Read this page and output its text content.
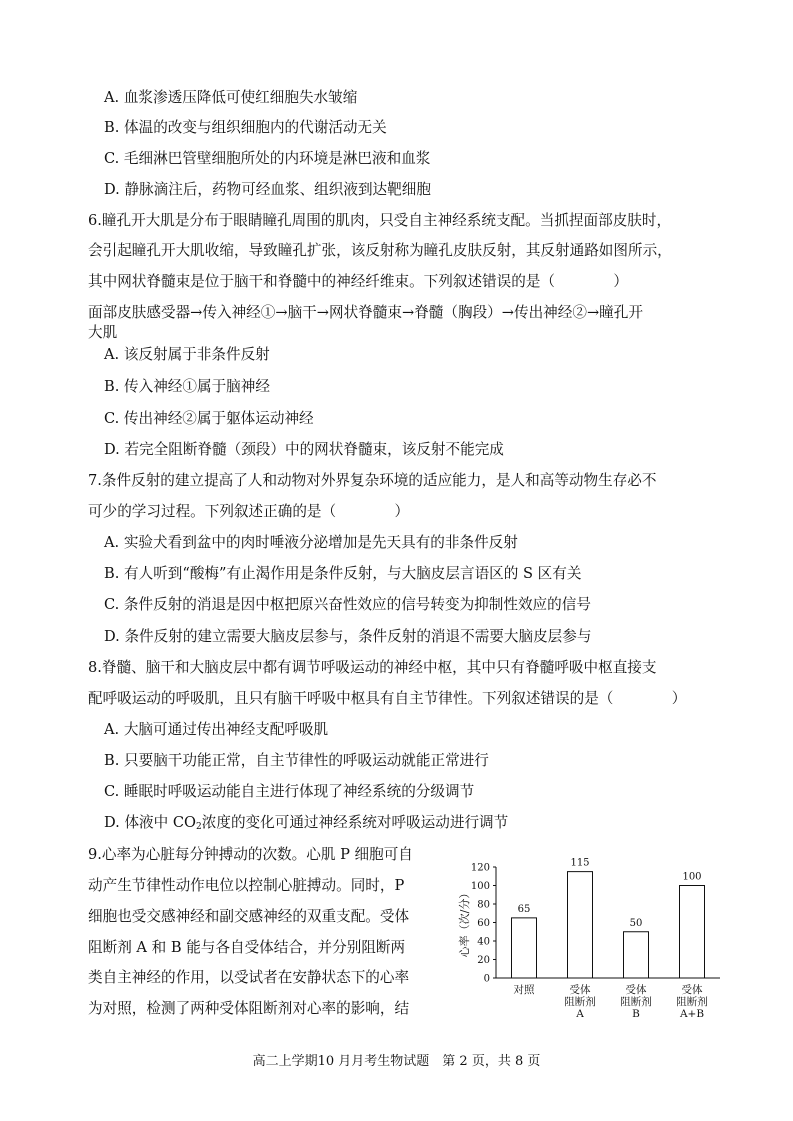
A. 血浆渗透压降低可使红细胞失水皱缩
B. 体温的改变与组织细胞内的代谢活动无关
C. 毛细淋巴管壁细胞所处的内环境是淋巴液和血浆
D. 静脉滴注后，药物可经血浆、组织液到达靶细胞
6.瞳孔开大肌是分布于眼睛瞳孔周围的肌肉，只受自主神经系统支配。当抓捏面部皮肤时，
会引起瞳孔开大肌收缩，导致瞳孔扩张，该反射称为瞳孔皮肤反射，其反射通路如图所示，
其中网状脊髓束是位于脑干和脊髓中的神经纤维束。下列叙述错误的是（　　　　）
面部皮肤感受器→传入神经①→脑干→网状脊髓束→脊髓（胸段）→传出神经②→瞳孔开
大肌
A. 该反射属于非条件反射
B. 传入神经①属于脑神经
C. 传出神经②属于躯体运动神经
D. 若完全阻断脊髓（颈段）中的网状脊髓束，该反射不能完成
7.条件反射的建立提高了人和动物对外界复杂环境的适应能力，是人和高等动物生存必不
可少的学习过程。下列叙述正确的是（　　　　）
A. 实验犬看到盆中的肉时唾液分泌增加是先天具有的非条件反射
B. 有人听到“酸梅”有止渴作用是条件反射，与大脑皮层言语区的 S 区有关
C. 条件反射的消退是因中枢把原兴奋性效应的信号转变为抑制性效应的信号
D. 条件反射的建立需要大脑皮层参与，条件反射的消退不需要大脑皮层参与
8.脊髓、脑干和大脑皮层中都有调节呼吸运动的神经中枢，其中只有脊髓呼吸中枢直接支
配呼吸运动的呼吸肌，且只有脑干呼吸中枢具有自主节律性。下列叙述错误的是（　　　　）
A. 大脑可通过传出神经支配呼吸肌
B. 只要脑干功能正常，自主节律性的呼吸运动就能正常进行
C. 睡眠时呼吸运动能自主进行体现了神经系统的分级调节
D. 体液中 $CO_2$浓度的变化可通过神经系统对呼吸运动进行调节
9.心率为心脏每分钟搏动的次数。心肌 P 细胞可自
动产生节律性动作电位以控制心脏搏动。同时，P
细胞也受交感神经和副交感神经的双重支配。受体
阻断剂 A 和 B 能与各自受体结合，并分别阻断两
类自主神经的作用，以受试者在安静状态下的心率
为对照，检测了两种受体阻断剂对心率的影响，结
0
20
40
60
80
100
120
心率（次/分）	65
对照
115
受体
阻断剂
A
50
受体
阻断剂
B
100
受体
阻断剂
A+B
高二上学期10 月月考生物试题　第 2 页，共 8 页
